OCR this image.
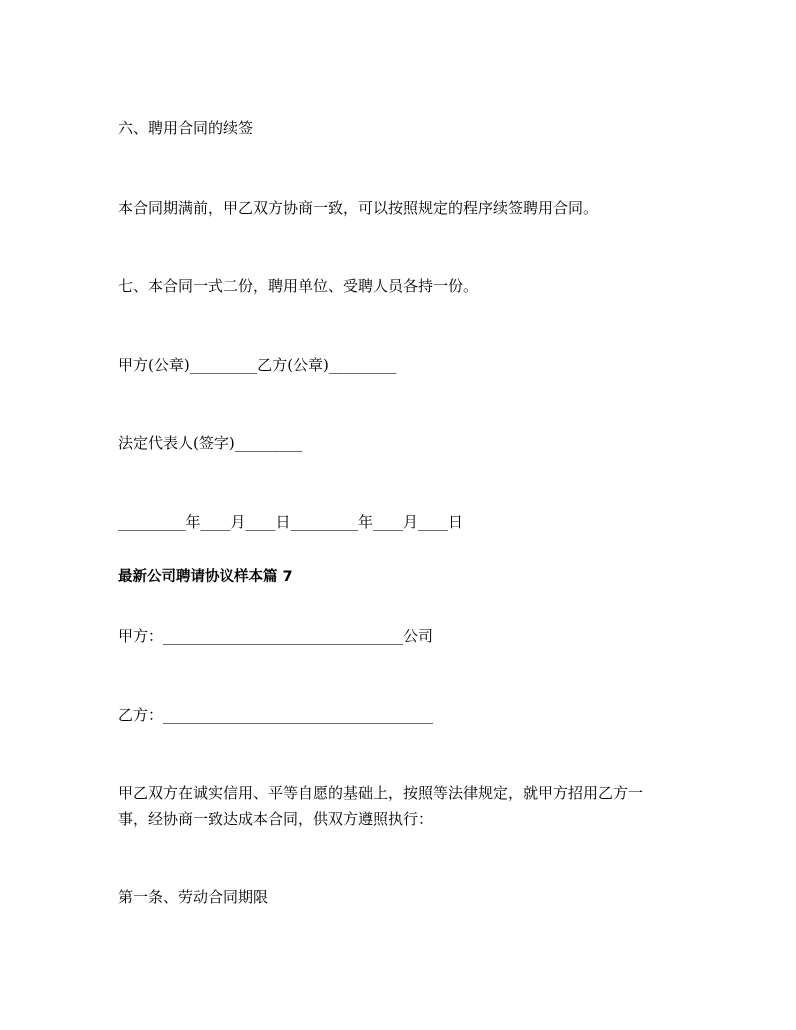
六、聘用合同的续签
本合同期满前，甲乙双方协商一致，可以按照规定的程序续签聘用合同。
七、本合同一式二份，聘用单位、受聘人员各持一份。
甲方(公章)_________乙方(公章)_________
法定代表人(签字)_________
_________年____月____日_________年____月____日
最新公司聘请协议样本篇 7
甲方：________________________________公司
乙方：____________________________________
甲乙双方在诚实信用、平等自愿的基础上，按照等法律规定，就甲方招用乙方一
事，经协商一致达成本合同，供双方遵照执行：
第一条、劳动合同期限
